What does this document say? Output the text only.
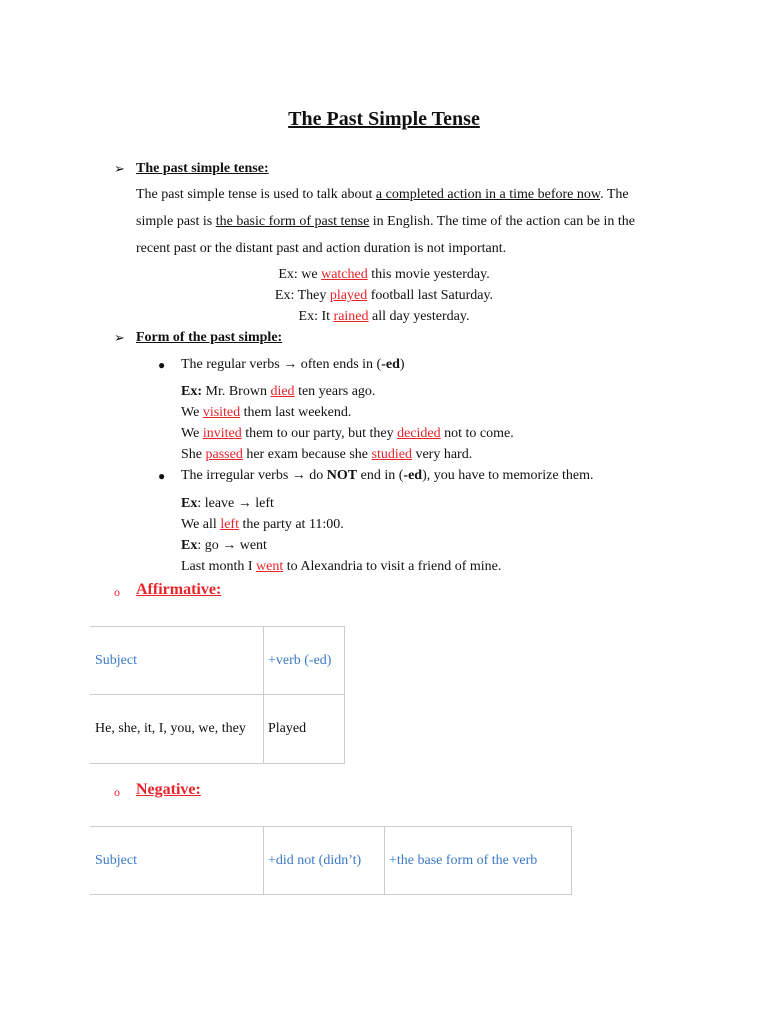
The Past Simple Tense
➢ The past simple tense:
The past simple tense is used to talk about a completed action in a time before now. The
simple past is the basic form of past tense in English. The time of the action can be in the
recent past or the distant past and action duration is not important.
Ex: we watched this movie yesterday.
Ex: They played football last Saturday.
Ex: It rained all day yesterday.
➢ Form of the past simple:
● The regular verbs → often ends in (-ed)
Ex: Mr. Brown died ten years ago.
We visited them last weekend.
We invited them to our party, but they decided not to come.
She passed her exam because she studied very hard.
● The irregular verbs → do NOT end in (-ed), you have to memorize them.
Ex: leave → left
We all left the party at 11:00.
Ex: go → went
Last month I went to Alexandria to visit a friend of mine.
o Affirmative:
Subject	+verb (-ed)
He, she, it, I, you, we, they	Played
o Negative:
Subject	+did not (didn’t)	+the base form of the verb
